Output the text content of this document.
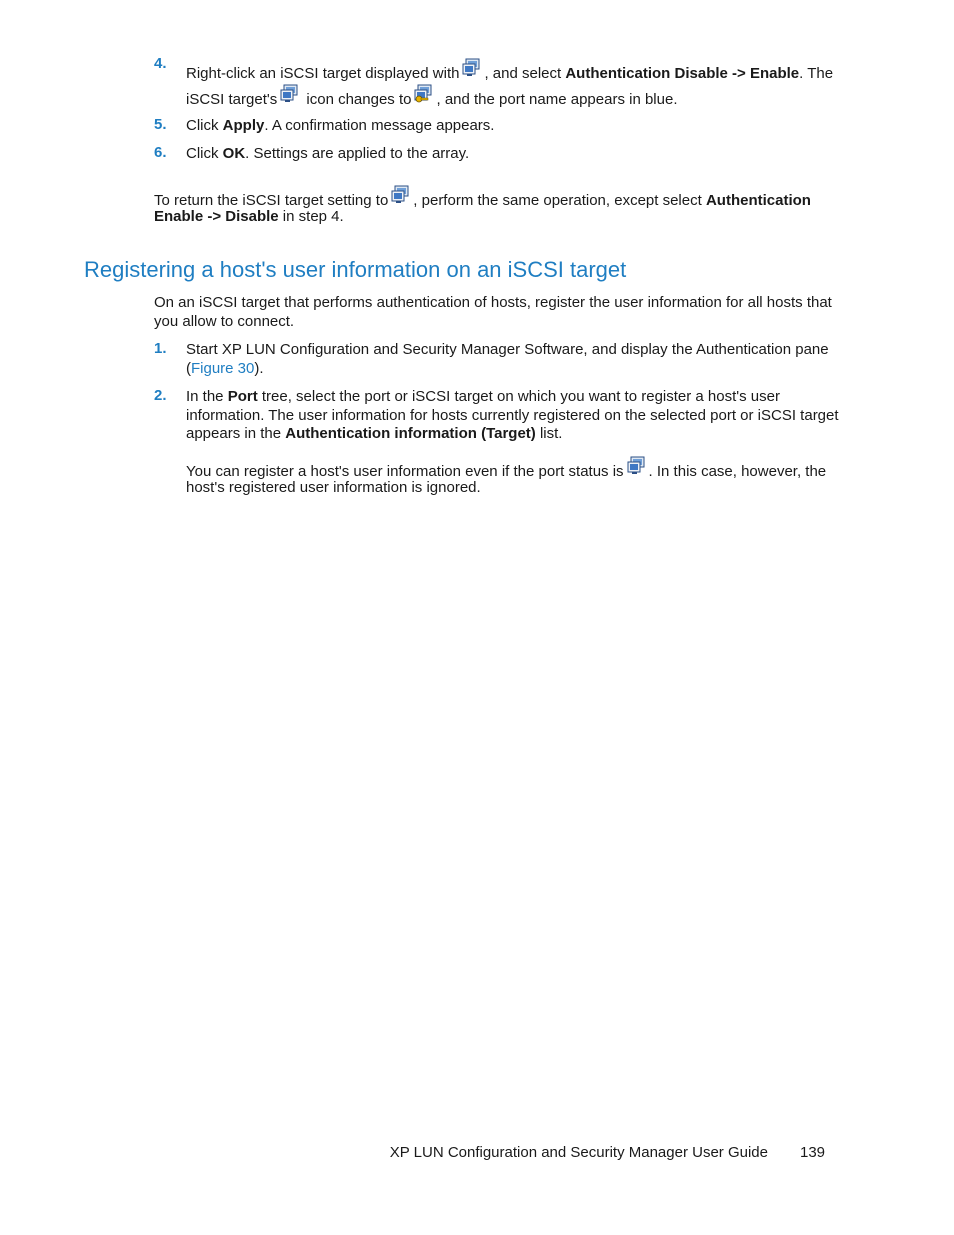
4.
Right-click an iSCSI target displayed with , and select Authentication Disable -> Enable. The
iSCSI target's
icon changes to , and the port name appears in blue.
5. Click Apply. A confirmation message appears.
6. Click OK. Settings are applied to the array.
To return the iSCSI target setting to , perform the same operation, except select Authentication
Enable -> Disable in step 4.
Registering a host's user information on an iSCSI target
On an iSCSI target that performs authentication of hosts, register the user information for all hosts that
you allow to connect.
1. Start XP LUN Configuration and Security Manager Software, and display the Authentication pane
(Figure 30).
2. In the Port tree, select the port or iSCSI target on which you want to register a host's user
information. The user information for hosts currently registered on the selected port or iSCSI target
appears in the Authentication information (Target) list.
You can register a host's user information even if the port status is . In this case, however, the
host's registered user information is ignored.
XP LUN Configuration and Security Manager User Guide 139
